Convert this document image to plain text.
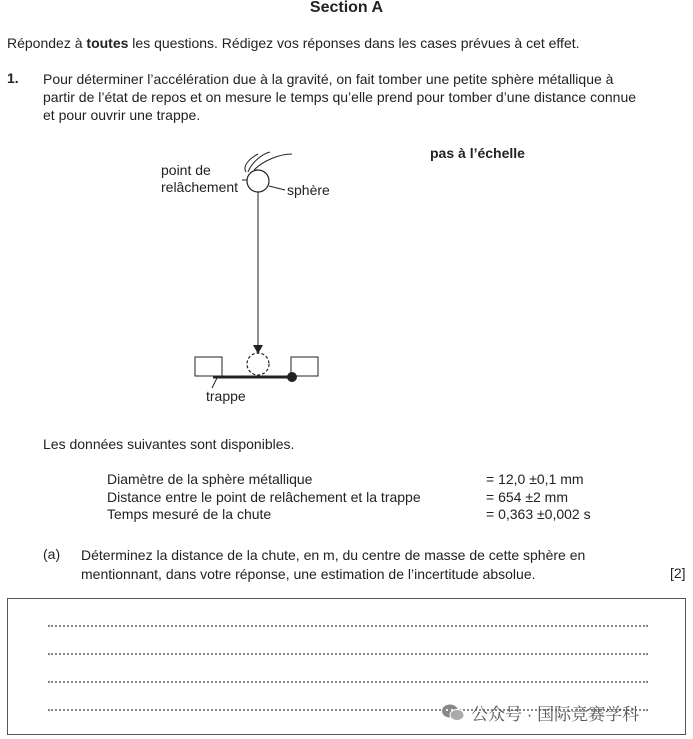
Section A
Répondez à toutes les questions. Rédigez vos réponses dans les cases prévues à cet effet.
1. Pour déterminer l’accélération due à la gravité, on fait tomber une petite sphère métallique à partir de l’état de repos et on mesure le temps qu’elle prend pour tomber d’une distance connue et pour ouvrir une trappe.
pas à l’échelle
point de
relâchement	sphère
trappe
Les données suivantes sont disponibles.
Diamètre de la sphère métallique	= 12,0 ±0,1 mm
Distance entre le point de relâchement et la trappe	= 654 ±2 mm
Temps mesuré de la chute	= 0,363 ±0,002 s
(a) Déterminez la distance de la chute, en m, du centre de masse de cette sphère en mentionnant, dans votre réponse, une estimation de l’incertitude absolue.	[2]
公众号 · 国际竞赛学科
